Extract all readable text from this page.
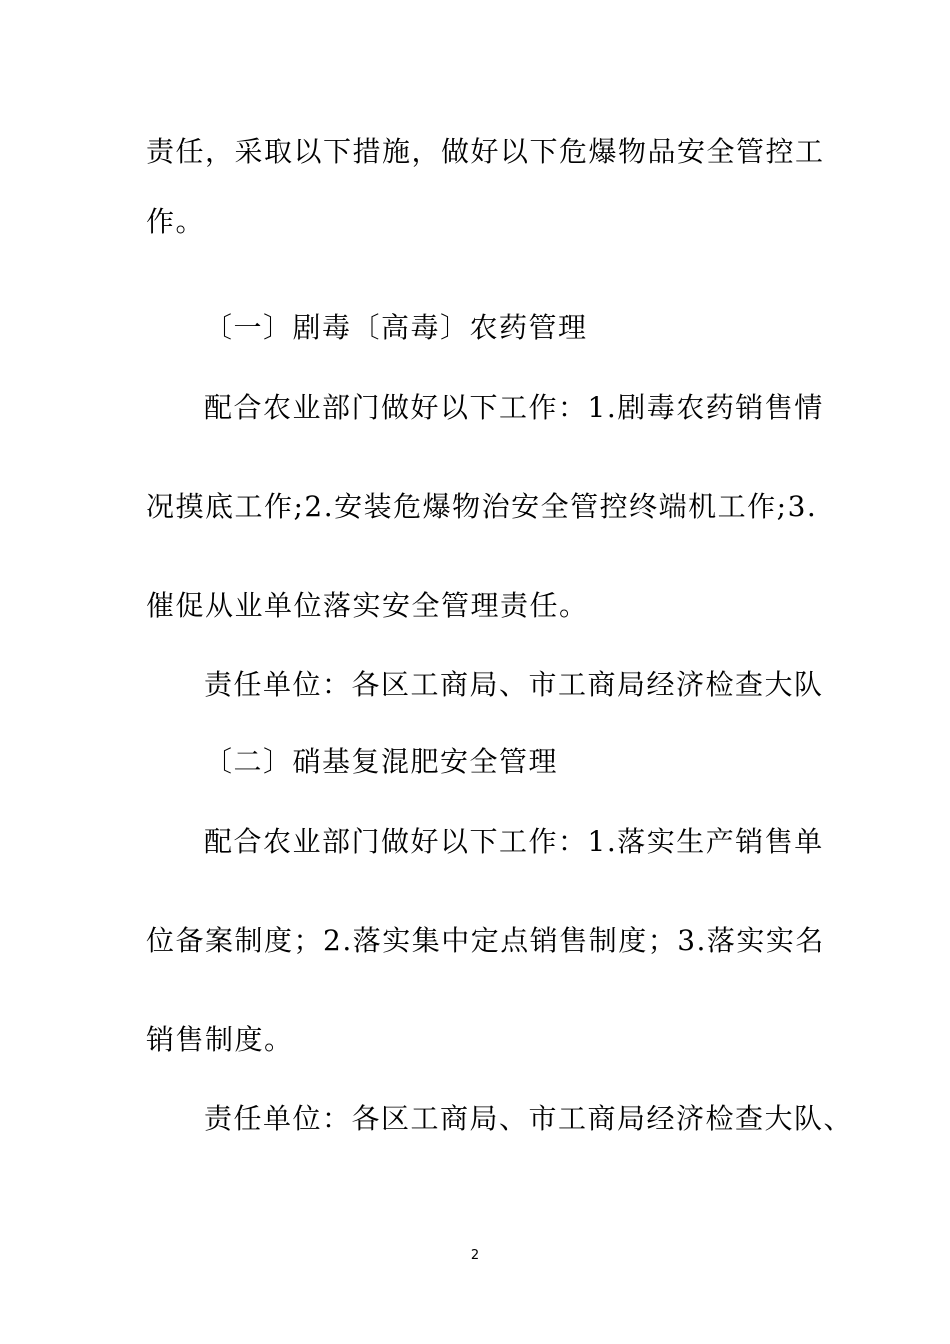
责任，采取以下措施，做好以下危爆物品安全管控工
作。
〔一〕剧毒〔高毒〕农药管理
配合农业部门做好以下工作：1.剧毒农药销售情
况摸底工作;2.安装危爆物治安全管控终端机工作;3.
催促从业单位落实安全管理责任。
责任单位：各区工商局、市工商局经济检查大队
〔二〕硝基复混肥安全管理
配合农业部门做好以下工作：1.落实生产销售单
位备案制度；2.落实集中定点销售制度；3.落实实名
销售制度。
责任单位：各区工商局、市工商局经济检查大队、
2
